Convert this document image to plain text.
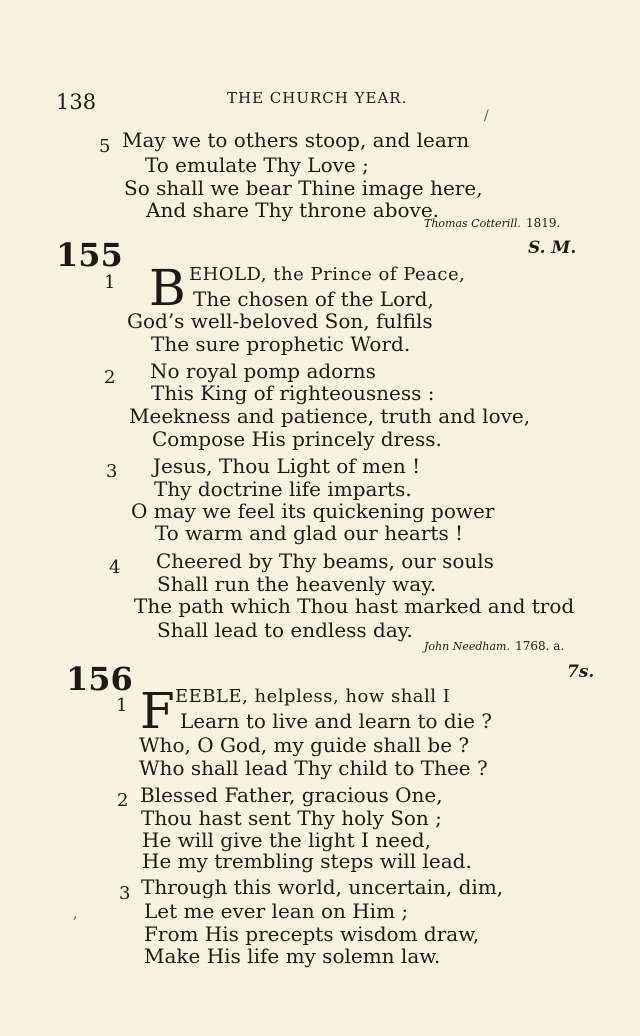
138	THE CHURCH YEAR.
/
5 May we to others stoop, and learn
To emulate Thy Love ;
So shall we bear Thine image here,
And share Thy throne above.
Thomas Cotterill. 1819.
155	S. M.
1 B EHOLD, the Prince of Peace,
The chosen of the Lord,
God’s well-beloved Son, fulfils
The sure prophetic Word.
2 No royal pomp adorns
This King of righteousness :
Meekness and patience, truth and love,
Compose His princely dress.
3 Jesus, Thou Light of men !
Thy doctrine life imparts.
O may we feel its quickening power
To warm and glad our hearts !
4 Cheered by Thy beams, our souls
Shall run the heavenly way.
The path which Thou hast marked and trod
Shall lead to endless day.
John Needham. 1768. a.
156	7s.
1 F EEBLE, helpless, how shall I
Learn to live and learn to die ?
Who, O God, my guide shall be ?
Who shall lead Thy child to Thee ?
2 Blessed Father, gracious One,
Thou hast sent Thy holy Son ;
He will give the light I need,
He my trembling steps will lead.
3 Through this world, uncertain, dim,
,	Let me ever lean on Him ;
From His precepts wisdom draw,
Make His life my solemn law.
